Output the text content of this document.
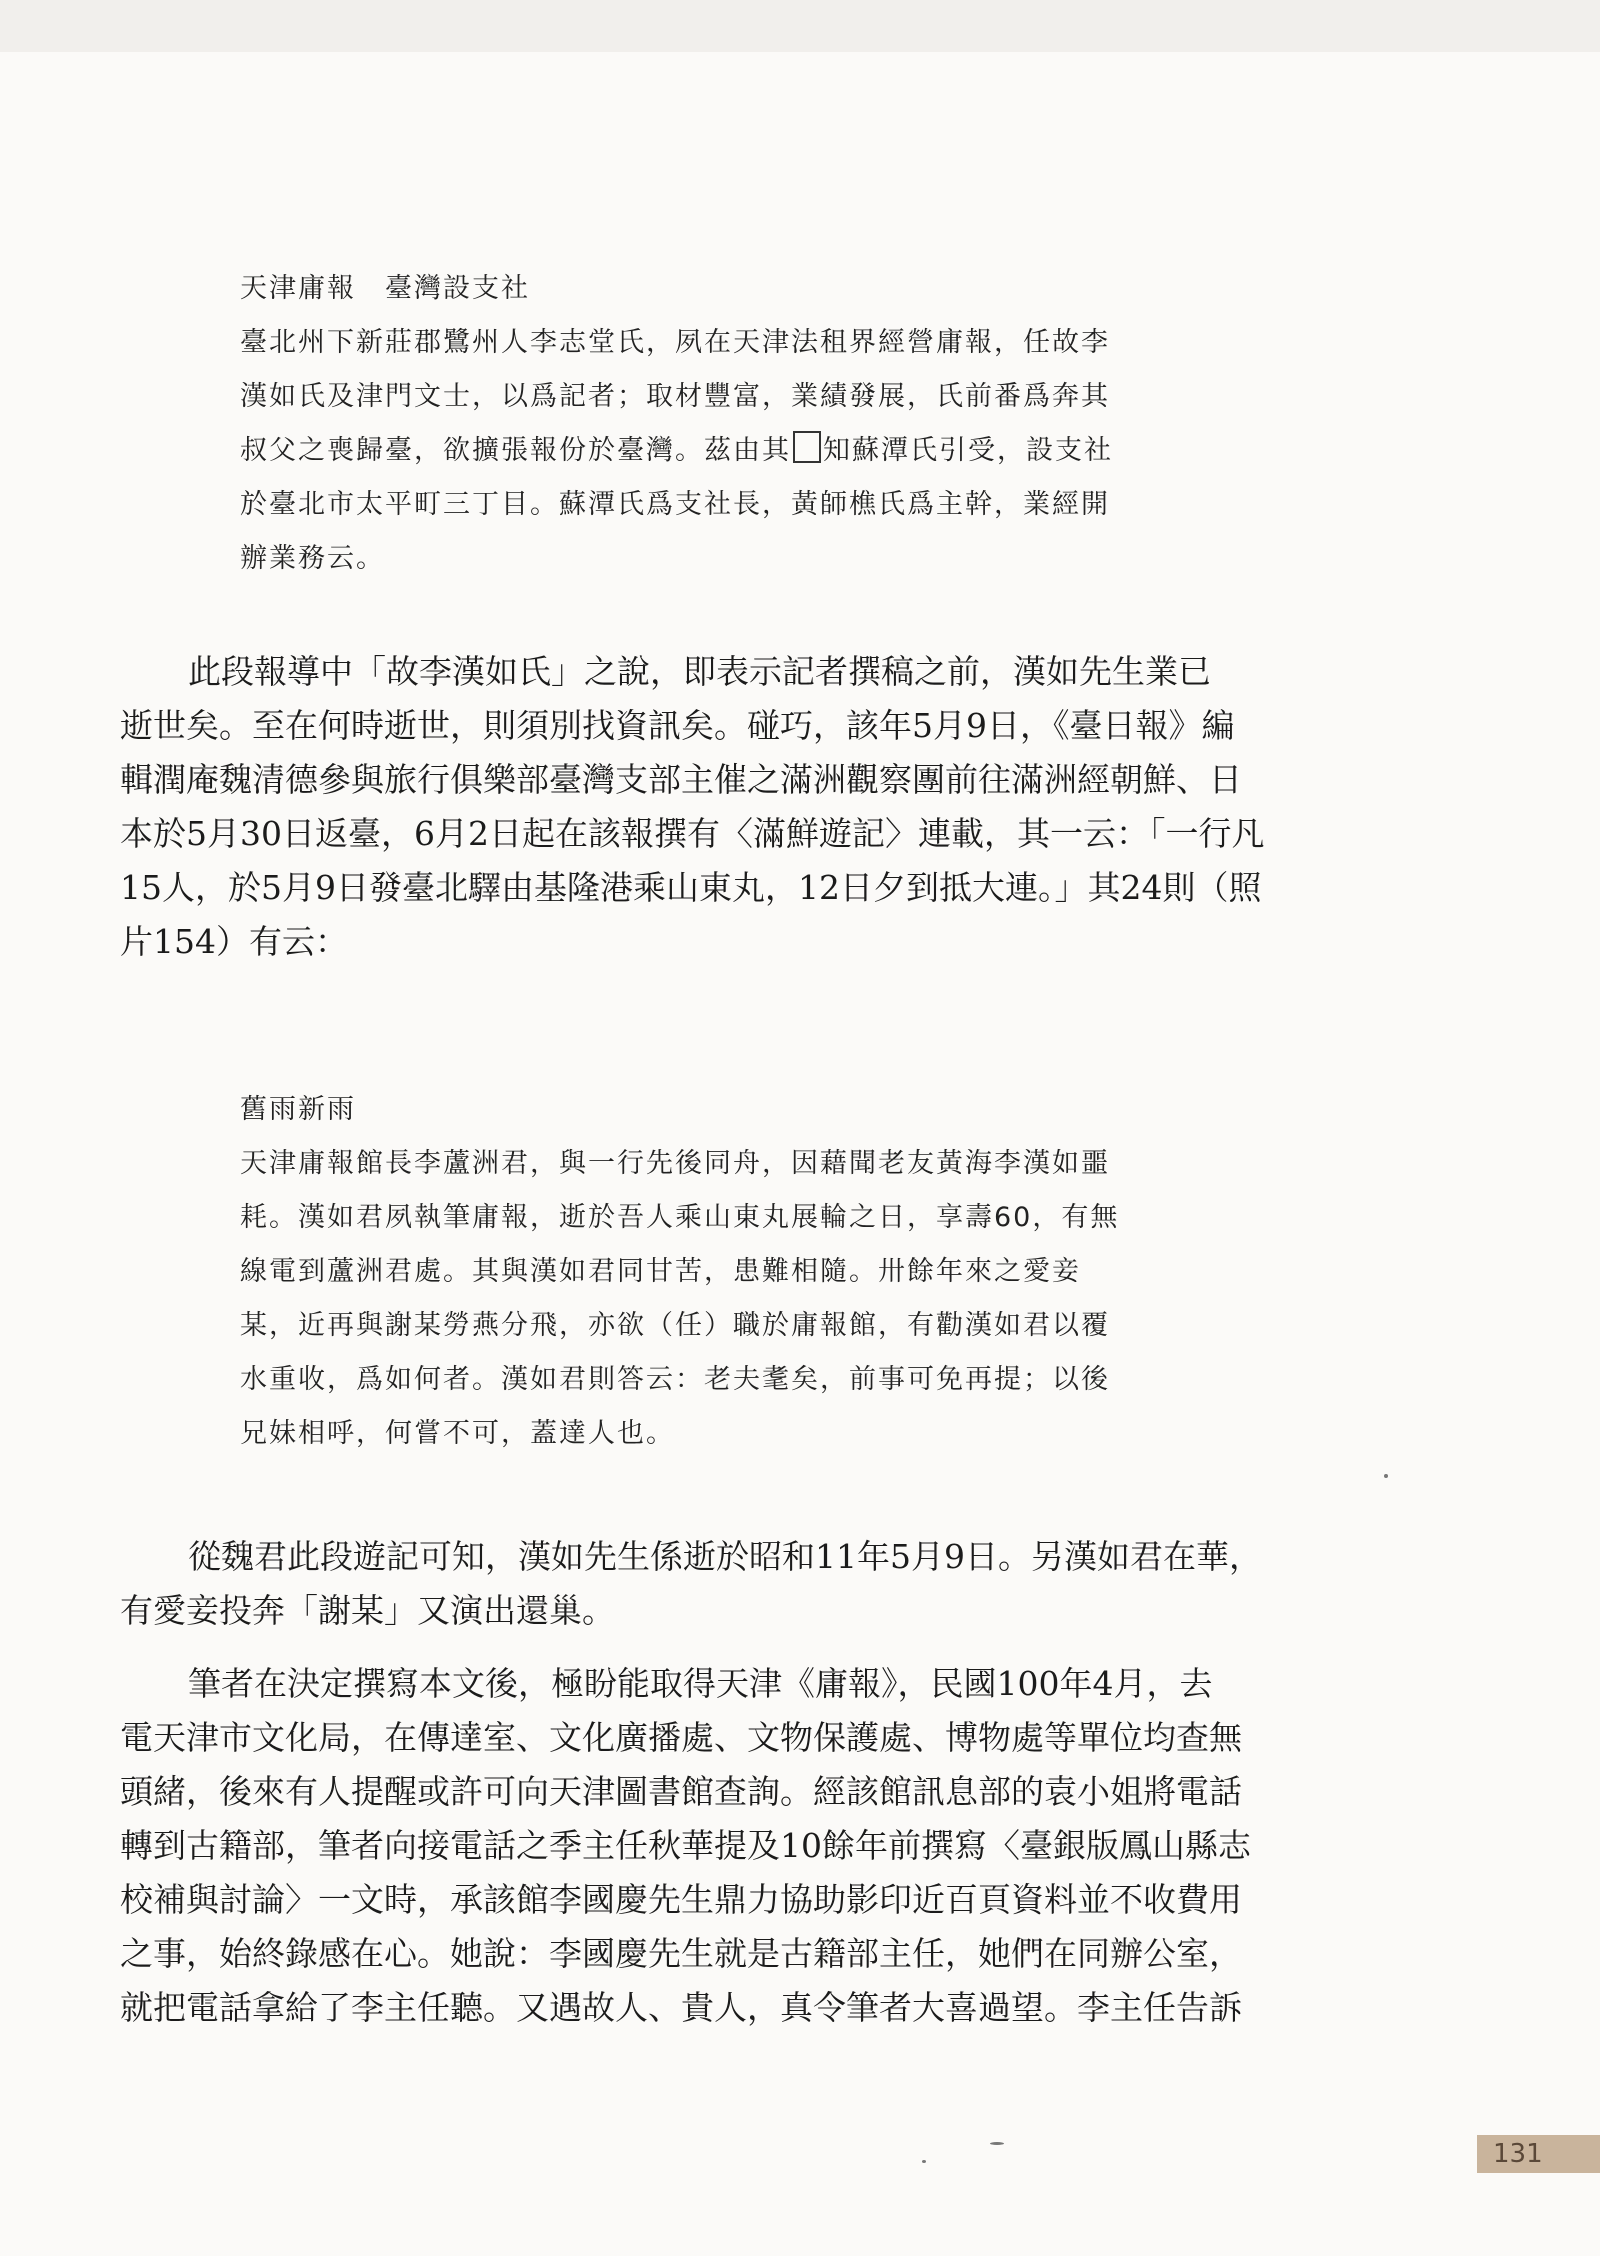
天津庸報　臺灣設支社
臺北州下新莊郡鷺州人李志堂氏，夙在天津法租界經營庸報，任故李
漢如氏及津門文士，以爲記者；取材豐富，業績發展，氏前番爲奔其
叔父之喪歸臺，欲擴張報份於臺灣。茲由其 知蘇潭氏引受，設支社
於臺北市太平町三丁目。蘇潭氏爲支社長，黃師樵氏爲主幹，業經開
辦業務云。
此段報導中「故李漢如氏」之說，即表示記者撰稿之前，漢如先生業已
逝世矣。至在何時逝世，則須別找資訊矣。碰巧，該年5月9日，《臺日報》編
輯潤庵魏清德參與旅行俱樂部臺灣支部主催之滿洲觀察團前往滿洲經朝鮮、日
本於5月30日返臺，6月2日起在該報撰有〈滿鮮遊記〉連載，其一云：「一行凡
15人，於5月9日發臺北驛由基隆港乘山東丸，12日夕到抵大連。」其24則（照
片154）有云：
舊雨新雨
天津庸報館長李蘆洲君，與一行先後同舟，因藉聞老友黃海李漢如噩
耗。漢如君夙執筆庸報，逝於吾人乘山東丸展輪之日，享壽60，有無
線電到蘆洲君處。其與漢如君同甘苦，患難相隨。卅餘年來之愛妾
某，近再與謝某勞燕分飛，亦欲（任）職於庸報館，有勸漢如君以覆
水重收，爲如何者。漢如君則答云：老夫耄矣，前事可免再提；以後
兄妹相呼，何嘗不可，蓋達人也。
從魏君此段遊記可知，漢如先生係逝於昭和11年5月9日。另漢如君在華，
有愛妾投奔「謝某」又演出還巢。
筆者在決定撰寫本文後，極盼能取得天津《庸報》，民國100年4月，去
電天津市文化局，在傳達室、文化廣播處、文物保護處、博物處等單位均查無
頭緒，後來有人提醒或許可向天津圖書館查詢。經該館訊息部的袁小姐將電話
轉到古籍部，筆者向接電話之季主任秋華提及10餘年前撰寫〈臺銀版鳳山縣志
校補與討論〉一文時，承該館李國慶先生鼎力協助影印近百頁資料並不收費用
之事，始終錄感在心。她說：李國慶先生就是古籍部主任，她們在同辦公室，
就把電話拿給了李主任聽。又遇故人、貴人，真令筆者大喜過望。李主任告訴
131
